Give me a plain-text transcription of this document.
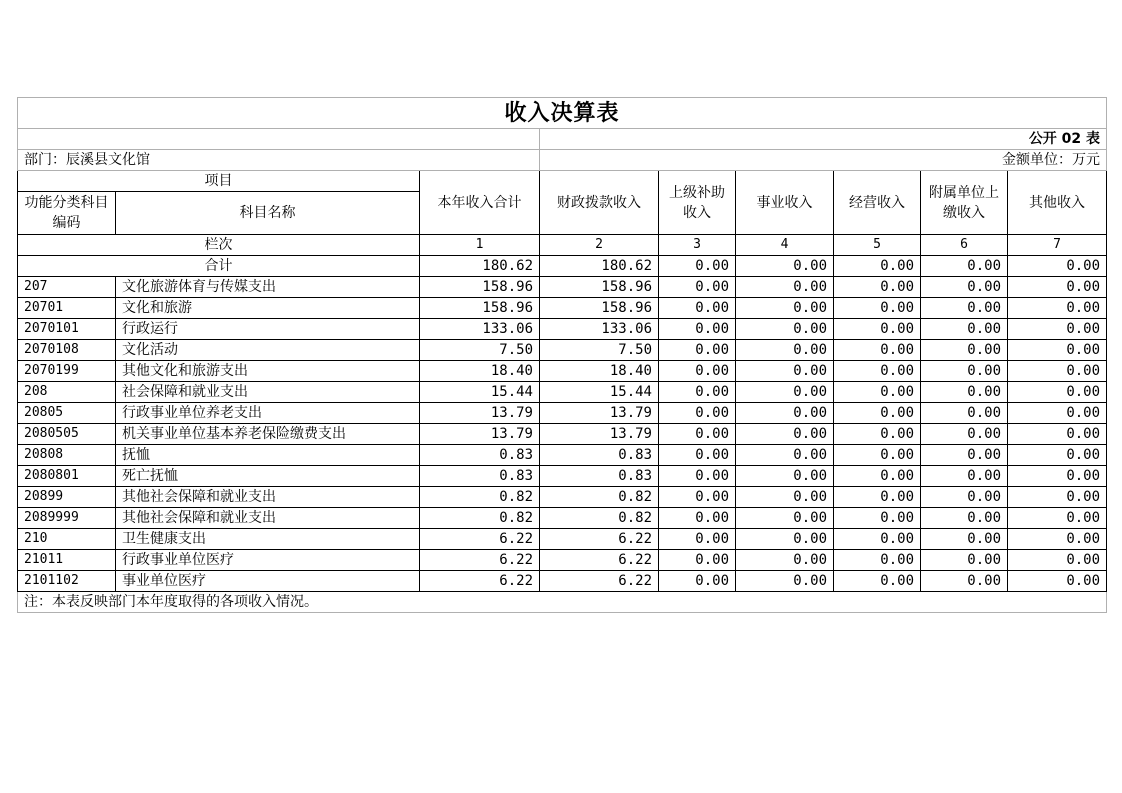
收入决算表								
			公开 02 表					
部门：辰溪县文化馆			金额单位：万元					
项目		本年收入合计	财政拨款收入	上级补助收入	事业收入	经营收入	附属单位上缴收入	其他收入
功能分类科目编码	科目名称							
栏次		1	2	3	4	5	6	7
合计		180.62	180.62	0.00	0.00	0.00	0.00	0.00
207	文化旅游体育与传媒支出	158.96	158.96	0.00	0.00	0.00	0.00	0.00
20701	文化和旅游	158.96	158.96	0.00	0.00	0.00	0.00	0.00
2070101	行政运行	133.06	133.06	0.00	0.00	0.00	0.00	0.00
2070108	文化活动	7.50	7.50	0.00	0.00	0.00	0.00	0.00
2070199	其他文化和旅游支出	18.40	18.40	0.00	0.00	0.00	0.00	0.00
208	社会保障和就业支出	15.44	15.44	0.00	0.00	0.00	0.00	0.00
20805	行政事业单位养老支出	13.79	13.79	0.00	0.00	0.00	0.00	0.00
2080505	机关事业单位基本养老保险缴费支出	13.79	13.79	0.00	0.00	0.00	0.00	0.00
20808	抚恤	0.83	0.83	0.00	0.00	0.00	0.00	0.00
2080801	死亡抚恤	0.83	0.83	0.00	0.00	0.00	0.00	0.00
20899	其他社会保障和就业支出	0.82	0.82	0.00	0.00	0.00	0.00	0.00
2089999	其他社会保障和就业支出	0.82	0.82	0.00	0.00	0.00	0.00	0.00
210	卫生健康支出	6.22	6.22	0.00	0.00	0.00	0.00	0.00
21011	行政事业单位医疗	6.22	6.22	0.00	0.00	0.00	0.00	0.00
2101102	事业单位医疗	6.22	6.22	0.00	0.00	0.00	0.00	0.00
注：本表反映部门本年度取得的各项收入情况。								
